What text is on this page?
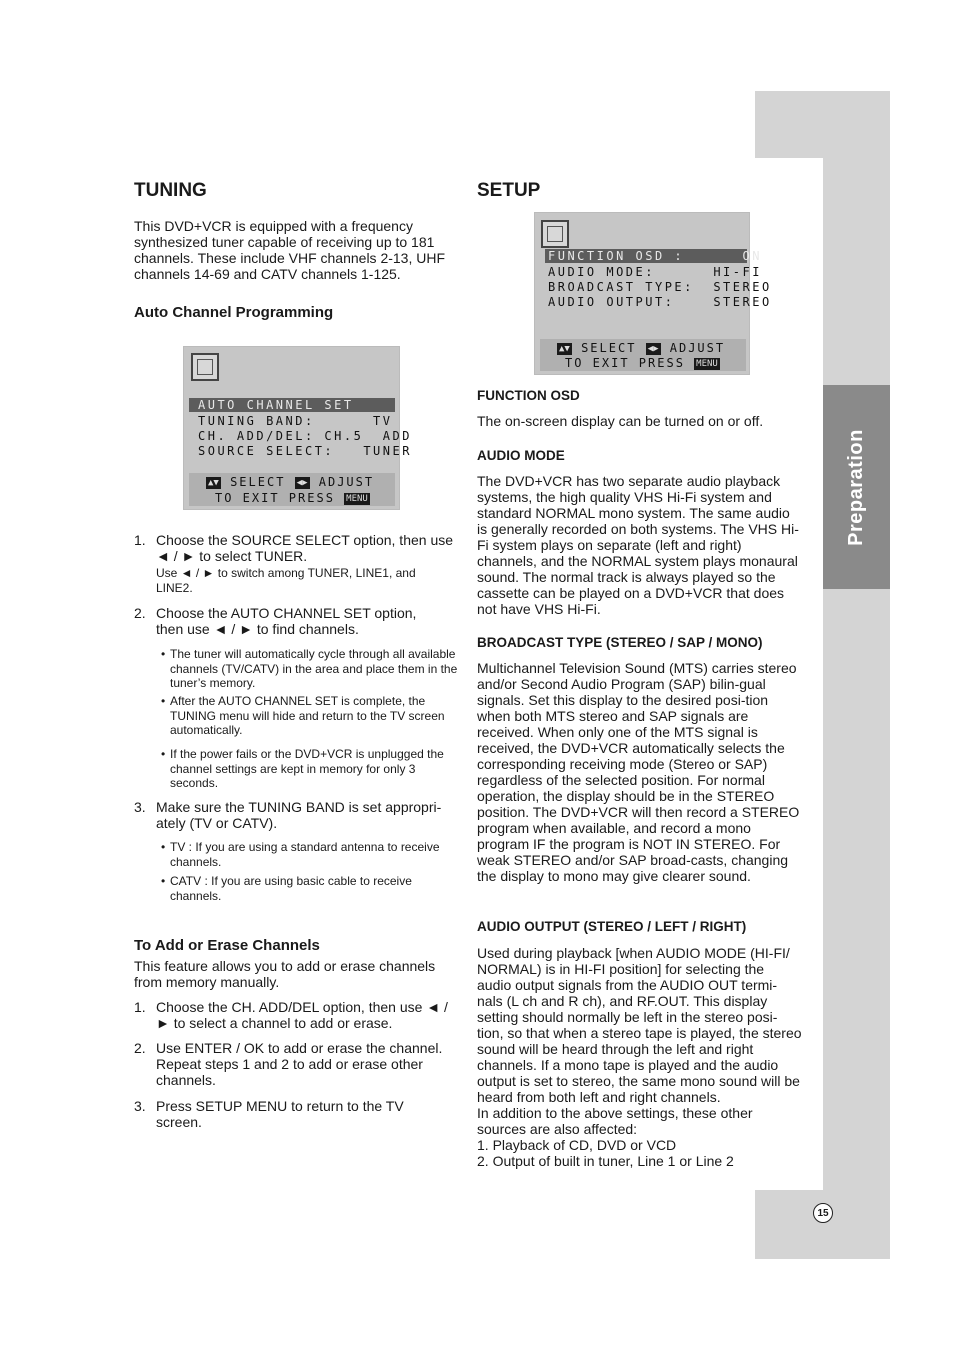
Preparation
15
TUNING

This DVD+VCR is equipped with a frequency synthesized tuner capable of receiving up to 181 channels. These include VHF channels 2-13, UHF channels 14-69 and CATV channels 1-125.

Auto Channel Programming
AUTO CHANNEL SET
TUNING BAND:      TV
CH. ADD/DEL: CH.5  ADD
SOURCE SELECT:   TUNER
▲▼ SELECT ◀▶ ADJUST
TO EXIT PRESS MENU
1. Choose the SOURCE SELECT option, then use ◄ / ► to select TUNER.
Use ◄ / ► to switch among TUNER, LINE1, and LINE2.
2. Choose the AUTO CHANNEL SET option, then use ◄ / ► to find channels.
• The tuner will automatically cycle through all available channels (TV/CATV) in the area and place them in the tuner’s memory.
• After the AUTO CHANNEL SET is complete, the TUNING menu will hide and return to the TV screen automatically.
• If the power fails or the DVD+VCR is unplugged the channel settings are kept in memory for only 3 seconds.
3. Make sure the TUNING BAND is set appropri-ately (TV or CATV).
• TV : If you are using a standard antenna to receive channels.
• CATV : If you are using basic cable to receive channels.
To Add or Erase Channels

This feature allows you to add or erase channels from memory manually.

1. Choose the CH. ADD/DEL option, then use ◄ / ► to select a channel to add or erase.
2. Use ENTER / OK to add or erase the channel. Repeat steps 1 and 2 to add or erase other channels.
3. Press SETUP MENU to return to the TV screen.
SETUP
FUNCTION OSD :      ON
AUDIO MODE:      HI-FI
BROADCAST TYPE:  STEREO
AUDIO OUTPUT:    STEREO
▲▼ SELECT ◀▶ ADJUST
TO EXIT PRESS MENU
FUNCTION OSD

The on-screen display can be turned on or off.

AUDIO MODE

The DVD+VCR has two separate audio playback systems, the high quality VHS Hi-Fi system and standard NORMAL mono system. The same audio is generally recorded on both systems. The VHS Hi-Fi system plays on separate (left and right) channels, and the NORMAL system plays monaural sound. The normal track is always played so the cassette can be played on a DVD+VCR that does not have VHS Hi-Fi.

BROADCAST TYPE (STEREO / SAP / MONO)

Multichannel Television Sound (MTS) carries stereo and/or Second Audio Program (SAP) bilin-gual signals. Set this display to the desired posi-tion when both MTS stereo and SAP signals are received. When only one of the MTS signal is received, the DVD+VCR automatically selects the corresponding receiving mode (Stereo or SAP) regardless of the selected position. For normal operation, the display should be in the STEREO position. The DVD+VCR will then record a STEREO program when available, and record a mono program IF the program is NOT IN STEREO. For weak STEREO and/or SAP broad-casts, changing the display to mono may give clearer sound.

AUDIO OUTPUT (STEREO / LEFT / RIGHT)

Used during playback [when AUDIO MODE (HI-FI/ NORMAL) is in HI-FI position] for selecting the audio output signals from the AUDIO OUT termi-nals (L ch and R ch), and RF.OUT. This display setting should normally be left in the stereo posi-tion, so that when a stereo tape is played, the stereo sound will be heard through the left and right channels. If a mono tape is played and the audio output is set to stereo, the same mono sound will be heard from both left and right channels.

In addition to the above settings, these other sources are also affected:

1. Playback of CD, DVD or VCD

2. Output of built in tuner, Line 1 or Line 2
